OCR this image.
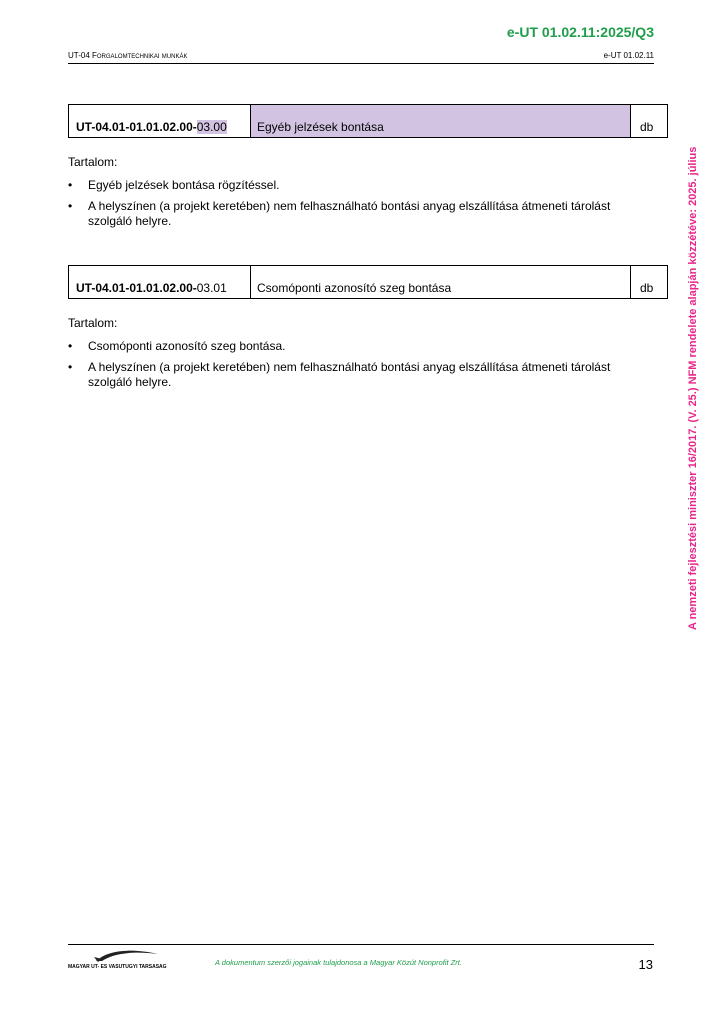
e-UT 01.02.11:2025/Q3
UT-04 Forgalomtechnikai munkák	e-UT 01.02.11
UT-04.01-01.01.02.00-03.00	Egyéb jelzések bontása	db
Tartalom:
• Egyéb jelzések bontása rögzítéssel.
• A helyszínen (a projekt keretében) nem felhasználható bontási anyag elszállítása átmeneti tárolást szolgáló helyre.
UT-04.01-01.01.02.00-03.01	Csomóponti azonosító szeg bontása	db
Tartalom:
• Csomóponti azonosító szeg bontása.
• A helyszínen (a projekt keretében) nem felhasználható bontási anyag elszállítása átmeneti tárolást szolgáló helyre.	A nemzeti fejlesztési miniszter 16/2017. (V. 25.) NFM rendelete alapján közzétéve: 2025. július
MAGYAR UT- ES VASUTUGYI TARSASAG	A dokumentum szerzői jogainak tulajdonosa a Magyar Közút Nonprofit Zrt.	13
